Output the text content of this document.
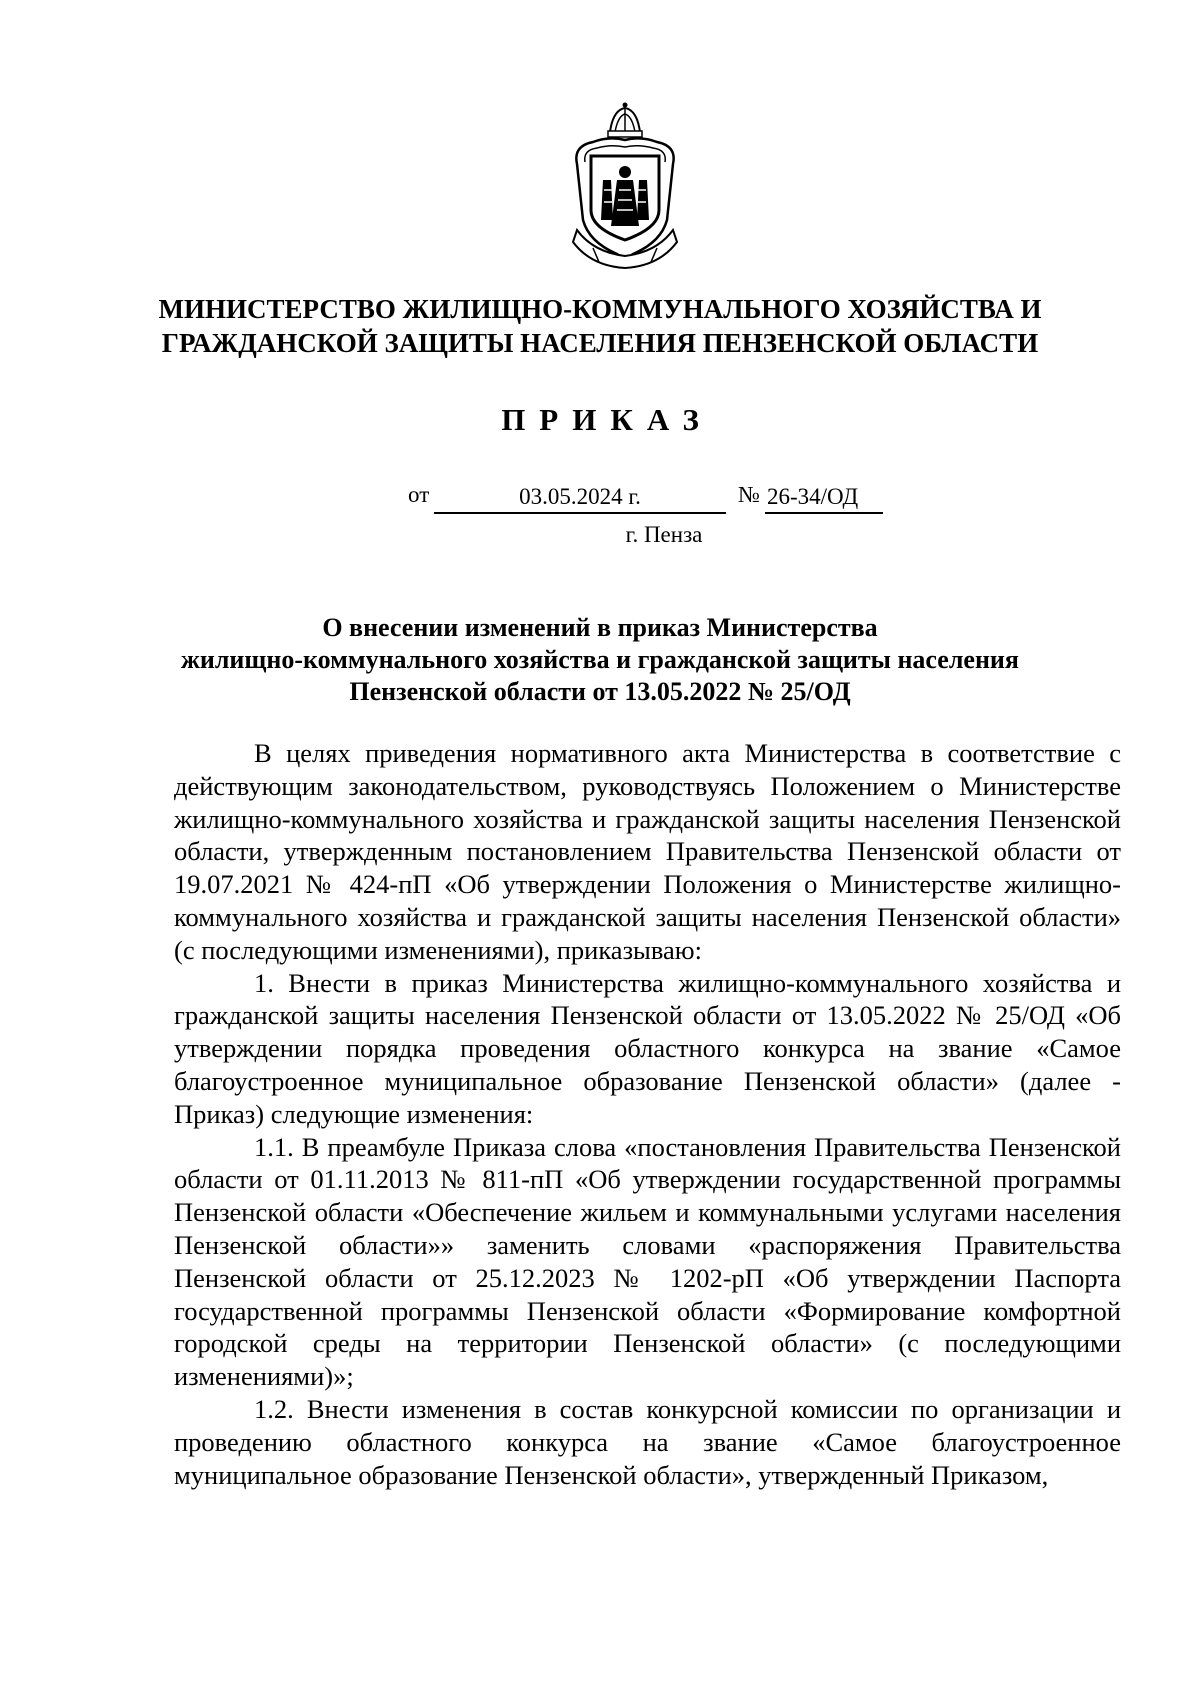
МИНИСТЕРСТВО ЖИЛИЩНО-КОММУНАЛЬНОГО ХОЗЯЙСТВА И
ГРАЖДАНСКОЙ ЗАЩИТЫ НАСЕЛЕНИЯ ПЕНЗЕНСКОЙ ОБЛАСТИ
ПРИКАЗ
от	03.05.2024 г.	№ 26-34/ОД
г. Пенза
О внесении изменений в приказ Министерства
жилищно-коммунального хозяйства и гражданской защиты населения
Пензенской области от 13.05.2022 № 25/ОД

В целях приведения нормативного акта Министерства в соответствие с действующим законодательством, руководствуясь Положением о Министерстве жилищно-коммунального хозяйства и гражданской защиты населения Пензенской области, утвержденным постановлением Правительства Пензенской области от 19.07.2021 № 424-пП «Об утверждении Положения о Министерстве жилищно-коммунального хозяйства и гражданской защиты населения Пензенской области» (с последующими изменениями), приказываю:

1. Внести в приказ Министерства жилищно-коммунального хозяйства и гражданской защиты населения Пензенской области от 13.05.2022 № 25/ОД «Об утверждении порядка проведения областного конкурса на звание «Самое благоустроенное муниципальное образование Пензенской области» (далее - Приказ) следующие изменения:

1.1. В преамбуле Приказа слова «постановления Правительства Пензенской области от 01.11.2013 № 811-пП «Об утверждении государственной программы Пензенской области «Обеспечение жильем и коммунальными услугами населения Пензенской области»» заменить словами «распоряжения Правительства Пензенской области от 25.12.2023 № 1202-рП «Об утверждении Паспорта государственной программы Пензенской области «Формирование комфортной городской среды на территории Пензенской области» (с последующими изменениями)»;

1.2. Внести изменения в состав конкурсной комиссии по организации и проведению областного конкурса на звание «Самое благоустроенное муниципальное образование Пензенской области», утвержденный Приказом,
